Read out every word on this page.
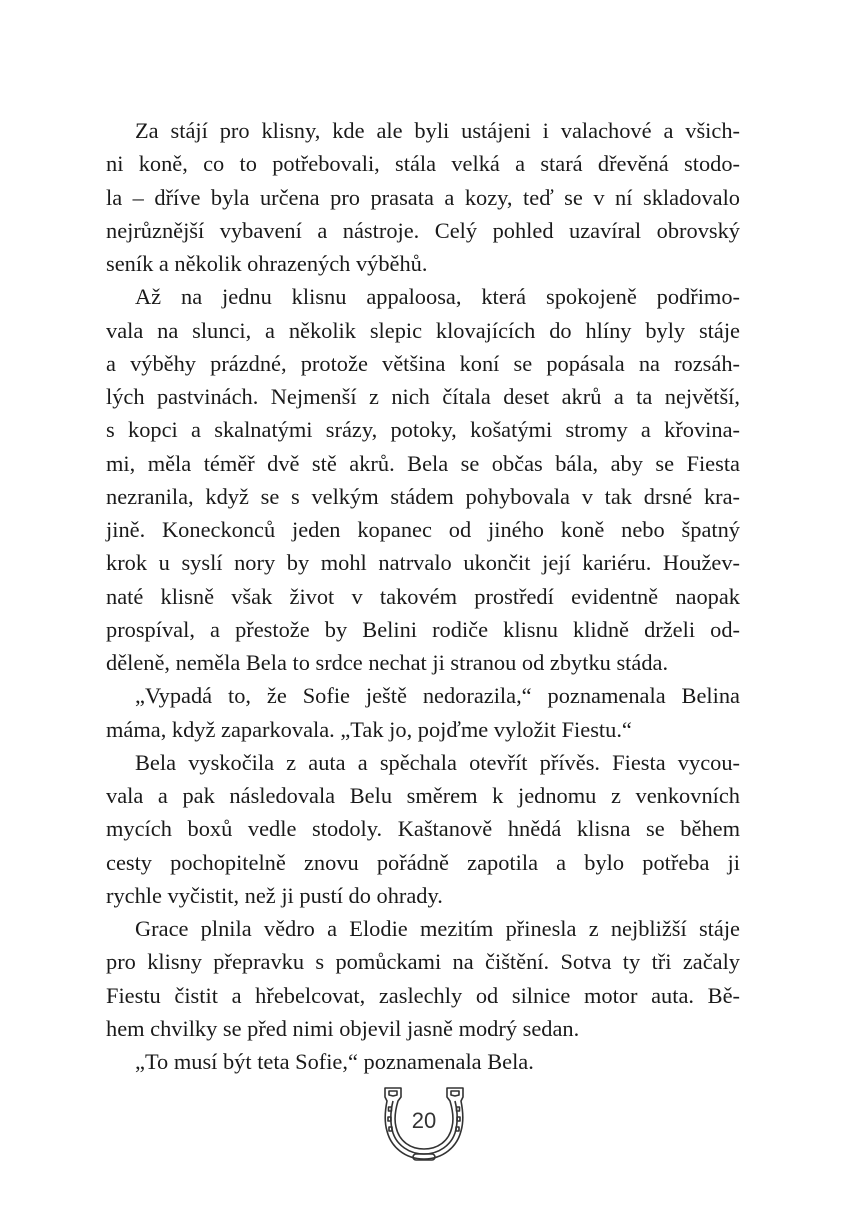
Za stájí pro klisny, kde ale byli ustájeni i valachové a všich-
ni koně, co to potřebovali, stála velká a stará dřevěná stodo-
la – dříve byla určena pro prasata a kozy, teď se v ní skladovalo
nejrůznější vybavení a nástroje. Celý pohled uzavíral obrovský
seník a několik ohrazených výběhů.
Až na jednu klisnu appaloosa, která spokojeně podřimo-
vala na slunci, a několik slepic klovajících do hlíny byly stáje
a výběhy prázdné, protože většina koní se popásala na rozsáh-
lých pastvinách. Nejmenší z nich čítala deset akrů a ta největší,
s kopci a skalnatými srázy, potoky, košatými stromy a křovina-
mi, měla téměř dvě stě akrů. Bela se občas bála, aby se Fiesta
nezranila, když se s velkým stádem pohybovala v tak drsné kra-
jině. Koneckonců jeden kopanec od jiného koně nebo špatný
krok u syslí nory by mohl natrvalo ukončit její kariéru. Houžev-
naté klisně však život v takovém prostředí evidentně naopak
prospíval, a přestože by Belini rodiče klisnu klidně drželi od-
děleně, neměla Bela to srdce nechat ji stranou od zbytku stáda.
„Vypadá to, že Sofie ještě nedorazila,“ poznamenala Belina
máma, když zaparkovala. „Tak jo, pojďme vyložit Fiestu.“
Bela vyskočila z auta a spěchala otevřít přívěs. Fiesta vycou-
vala a pak následovala Belu směrem k jednomu z venkovních
mycích boxů vedle stodoly. Kaštanově hnědá klisna se během
cesty pochopitelně znovu pořádně zapotila a bylo potřeba ji
rychle vyčistit, než ji pustí do ohrady.
Grace plnila vědro a Elodie mezitím přinesla z nejbližší stáje
pro klisny přepravku s pomůckami na čištění. Sotva ty tři začaly
Fiestu čistit a hřebelcovat, zaslechly od silnice motor auta. Bě-
hem chvilky se před nimi objevil jasně modrý sedan.
„To musí být teta Sofie,“ poznamenala Bela.
20
